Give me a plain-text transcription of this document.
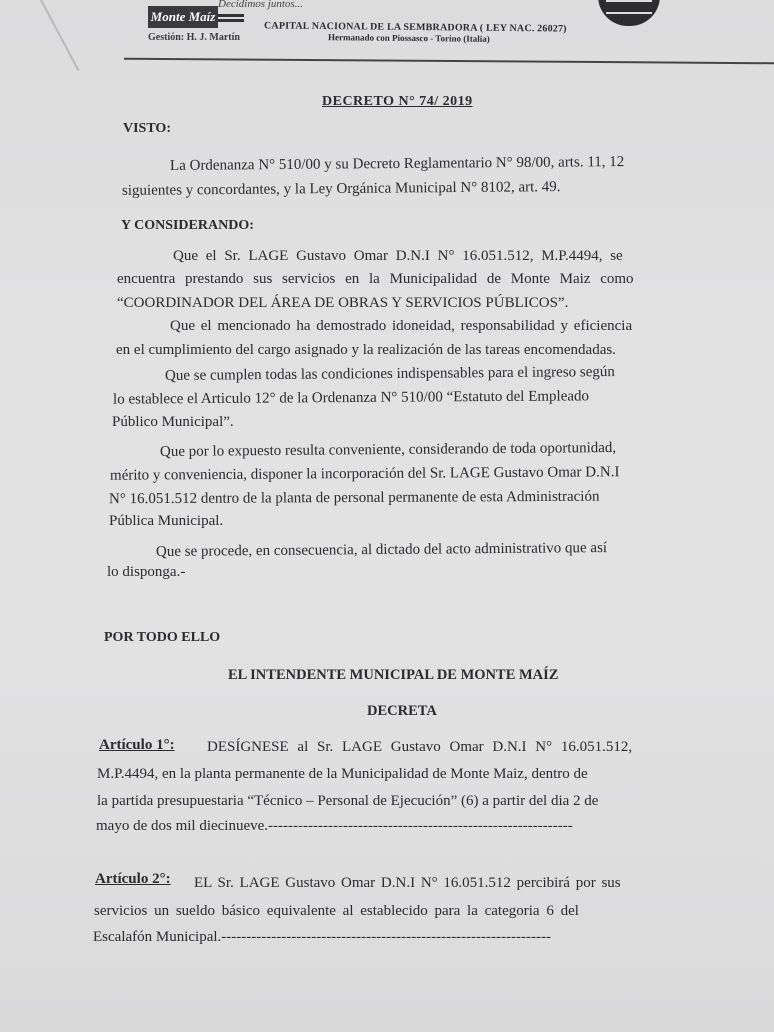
Monte Maíz
Decidimos juntos...
Gestión: H. J. Martín
CAPITAL NACIONAL DE LA SEMBRADORA ( LEY NAC. 26027)
Hermanado con Piossasco - Torino (Italia)
DECRETO N° 74/ 2019
VISTO:
La Ordenanza N° 510/00 y su Decreto Reglamentario N° 98/00, arts. 11, 12
siguientes y concordantes, y la Ley Orgánica Municipal N° 8102, art. 49.
Y CONSIDERANDO:
Que el Sr. LAGE Gustavo Omar D.N.I N° 16.051.512, M.P.4494, se
encuentra prestando sus servicios en la Municipalidad de Monte Maiz como
“COORDINADOR DEL ÁREA DE OBRAS Y SERVICIOS PÚBLICOS”.
Que el mencionado ha demostrado idoneidad, responsabilidad y eficiencia
en el cumplimiento del cargo asignado y la realización de las tareas encomendadas.
Que se cumplen todas las condiciones indispensables para el ingreso según
lo establece el Articulo 12° de la Ordenanza N° 510/00 “Estatuto del Empleado
Público Municipal”.
Que por lo expuesto resulta conveniente, considerando de toda oportunidad,
mérito y conveniencia, disponer la incorporación del Sr. LAGE Gustavo Omar D.N.I
N° 16.051.512 dentro de la planta de personal permanente de esta Administración
Pública Municipal.
Que se procede, en consecuencia, al dictado del acto administrativo que así
lo disponga.-
POR TODO ELLO
EL INTENDENTE MUNICIPAL DE MONTE MAÍZ
DECRETA
Artículo 1°: DESÍGNESE al Sr. LAGE Gustavo Omar D.N.I N° 16.051.512,
M.P.4494, en la planta permanente de la Municipalidad de Monte Maiz, dentro de
la partida presupuestaria “Técnico – Personal de Ejecución” (6) a partir del dia 2 de
mayo de dos mil diecinueve.-------------------------------------------------------------
Artículo 2°: EL Sr. LAGE Gustavo Omar D.N.I N° 16.051.512 percibirá por sus
servicios un sueldo básico equivalente al establecido para la categoria 6 del
Escalafón Municipal.------------------------------------------------------------------
